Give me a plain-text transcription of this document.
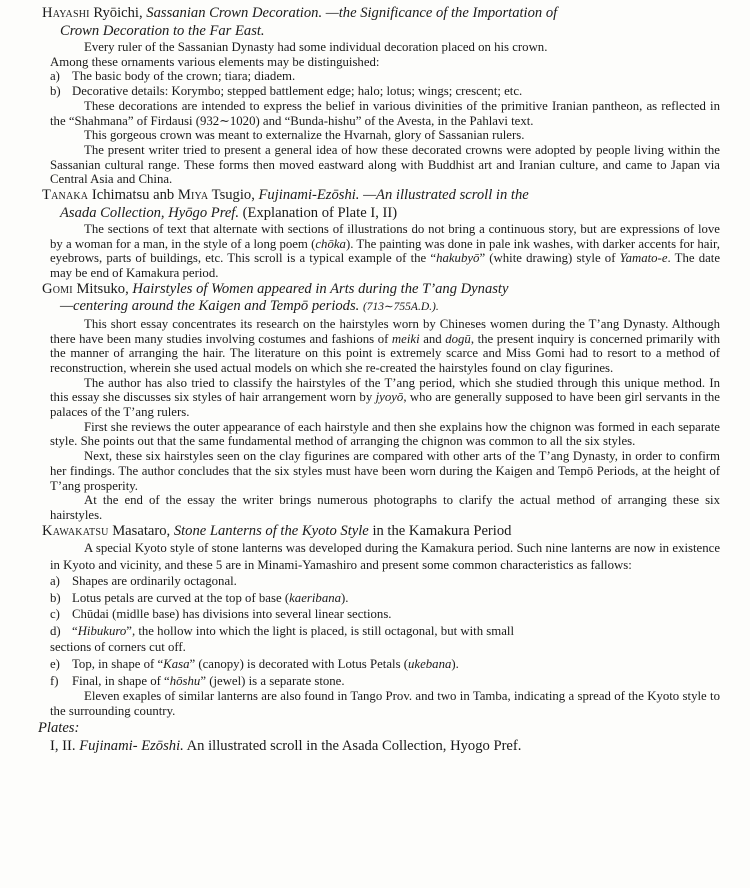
Hayashi Ryōichi, Sassanian Crown Decoration. —the Significance of the Importation of
Crown Decoration to the Far East.

Every ruler of the Sassanian Dynasty had some individual decoration placed on his crown.

Among these ornaments various elements may be distinguished:

a) The basic body of the crown; tiara; diadem.
b) Decorative details: Korymbo; stepped battlement edge; halo; lotus; wings; crescent; etc.

These decorations are intended to express the belief in various divinities of the primitive Iranian pantheon, as reflected in the “Shahmana” of Firdausi (932∼1020) and “Bunda-hishu” of the Avesta, in the Pahlavi text.

This gorgeous crown was meant to externalize the Hvarnah, glory of Sassanian rulers.

The present writer tried to present a general idea of how these decorated crowns were adopted by people living within the Sassanian cultural range. These forms then moved eastward along with Buddhist art and Iranian culture, and came to Japan via Central Asia and China.

Tanaka Ichimatsu anb Miya Tsugio, Fujinami-Ezōshi. —An illustrated scroll in the
Asada Collection, Hyōgo Pref. (Explanation of Plate I, II)

The sections of text that alternate with sections of illustrations do not bring a continuous story, but are expressions of love by a woman for a man, in the style of a long poem (chōka). The painting was done in pale ink washes, with darker accents for hair, eyebrows, parts of buildings, etc. This scroll is a typical example of the “hakubyō” (white drawing) style of Yamato-e. The date may be end of Kamakura period.

Gomi Mitsuko, Hairstyles of Women appeared in Arts during the T’ang Dynasty
—centering around the Kaigen and Tempō periods. (713∼755A.D.).

This short essay concentrates its research on the hairstyles worn by Chineses women during the T’ang Dynasty. Although there have been many studies involving costumes and fashions of meiki and dogū, the present inquiry is concerned primarily with the manner of arranging the hair. The literature on this point is extremely scarce and Miss Gomi had to resort to a method of reconstruction, wherein she used actual models on which she re-created the hairstyles found on clay figurines.

The author has also tried to classify the hairstyles of the T’ang period, which she studied through this unique method. In this essay she discusses six styles of hair arrangement worn by jyoyō, who are generally supposed to have been girl servants in the palaces of the T’ang rulers.

First she reviews the outer appearance of each hairstyle and then she explains how the chignon was formed in each separate style. She points out that the same fundamental method of arranging the chignon was common to all the six styles.

Next, these six hairstyles seen on the clay figurines are compared with other arts of the T’ang Dynasty, in order to confirm her findings. The author concludes that the six styles must have been worn during the Kaigen and Tempō Periods, at the height of T’ang prosperity.

At the end of the essay the writer brings numerous photographs to clarify the actual method of arranging these six hairstyles.

Kawakatsu Masataro, Stone Lanterns of the Kyoto Style in the Kamakura Period

A special Kyoto style of stone lanterns was developed during the Kamakura period. Such nine lanterns are now in existence in Kyoto and vicinity, and these 5 are in Minami-Yamashiro and present some common characteristics as fallows:

a) Shapes are ordinarily octagonal.
b) Lotus petals are curved at the top of base (kaeribana).
c) Chūdai (midlle base) has divisions into several linear sections.
d) “Hibukuro”, the hollow into which the light is placed, is still octagonal, but with small
sections of corners cut off.
e) Top, in shape of “Kasa” (canopy) is decorated with Lotus Petals (ukebana).
f) Final, in shape of “hōshu” (jewel) is a separate stone.

Eleven exaples of similar lanterns are also found in Tango Prov. and two in Tamba, indicating a spread of the Kyoto style to the surrounding country.

Plates:
I, II. Fujinami- Ezōshi. An illustrated scroll in the Asada Collection, Hyogo Pref.
